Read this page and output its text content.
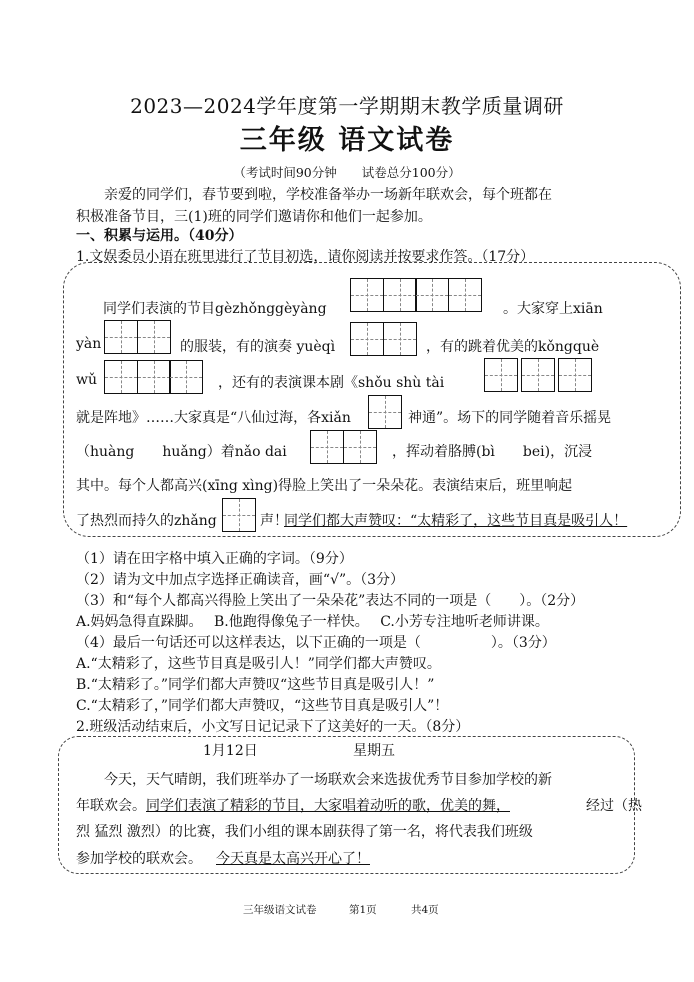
2023—2024学年度第一学期期末教学质量调研
三年级 语文试卷
（考试时间90分钟　　试卷总分100分）
亲爱的同学们，春节要到啦，学校准备举办一场新年联欢会，每个班都在
积极准备节目，三(1)班的同学们邀请你和他们一起参加。
一、积累与运用。（40分）
1.文娱委员小语在班里进行了节目初选，请你阅读并按要求作答。（17分）
同学们表演的节目gèzhǒnggèyàng	。大家穿上xiān
yàn	的服装，有的演奏 yuèqì	，有的跳着优美的kǒngquè
wǔ	，还有的表演课本剧《shǒu shù tài
就是阵地》……大家真是“八仙过海，各xiǎn	神通”。场下的同学随着音乐摇晃
（huàng　　huǎng）着nǎo dai	，挥动着胳膊(bì　　bei)，沉浸
其中。每个人都高兴(xīng xìng)得脸上笑出了一朵朵花。表演结束后，班里响起
了热烈而持久的zhǎng	声！
同学们都大声赞叹：“太精彩了，这些节目真是吸引人！
（1）请在田字格中填入正确的字词。（9分）
（2）请为文中加点字选择正确读音，画“√”。（3分）
（3）和“每个人都高兴得脸上笑出了一朵朵花”表达不同的一项是（　　）。（2分）
A.妈妈急得直跺脚。　 B.他跑得像兔子一样快。　 C.小芳专注地听老师讲课。
（4）最后一句话还可以这样表达，以下正确的一项是（　　　　　）。（3分）
A.“太精彩了，这些节目真是吸引人！”同学们都大声赞叹。
B.“太精彩了。”同学们都大声赞叹“这些节目真是吸引人！”
C.“太精彩了，”同学们都大声赞叹，“这些节目真是吸引人”！
2.班级活动结束后，小文写日记记录下了这美好的一天。（8分）
1月12日	星期五
今天，天气晴朗，我们班举办了一场联欢会来选拔优秀节目参加学校的新
年联欢会。 同学们表演了精彩的节目，大家唱着动听的歌，优美的舞，	经过（热
烈 猛烈 激烈）的比赛，我们小组的课本剧获得了第一名，将代表我们班级
参加学校的联欢会。 今天真是太高兴开心了！
三年级语文试卷	第1页	共4页
